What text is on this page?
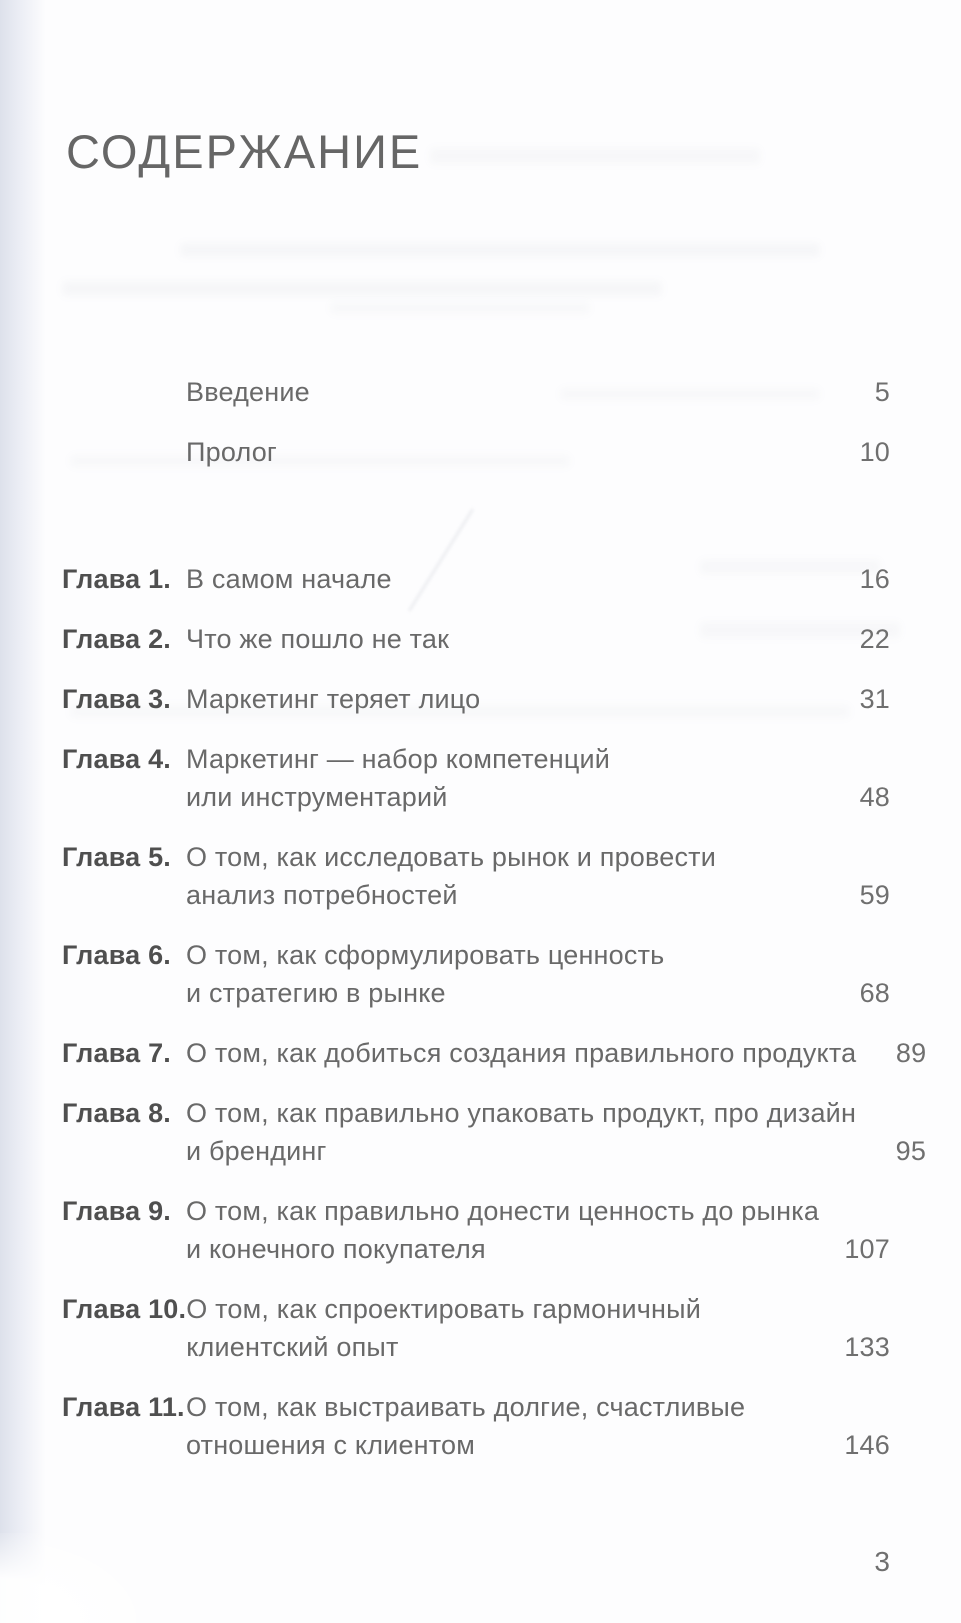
СОДЕРЖАНИЕ
Введение	5
Пролог	10
Глава 1. В самом начале	16
Глава 2. Что же пошло не так	22
Глава 3. Маркетинг теряет лицо	31
Глава 4. Маркетинг — набор компетенций
или инструментарий	48
Глава 5. О том, как исследовать рынок и провести
анализ потребностей	59
Глава 6. О том, как сформулировать ценность
и стратегию в рынке	68
Глава 7. О том, как добиться создания правильного продукта	89
Глава 8. О том, как правильно упаковать продукт, про дизайн
и брендинг	95
Глава 9. О том, как правильно донести ценность до рынка
и конечного покупателя	107
Глава 10. О том, как спроектировать гармоничный
клиентский опыт	133
Глава 11. О том, как выстраивать долгие, счастливые
отношения с клиентом	146
3
